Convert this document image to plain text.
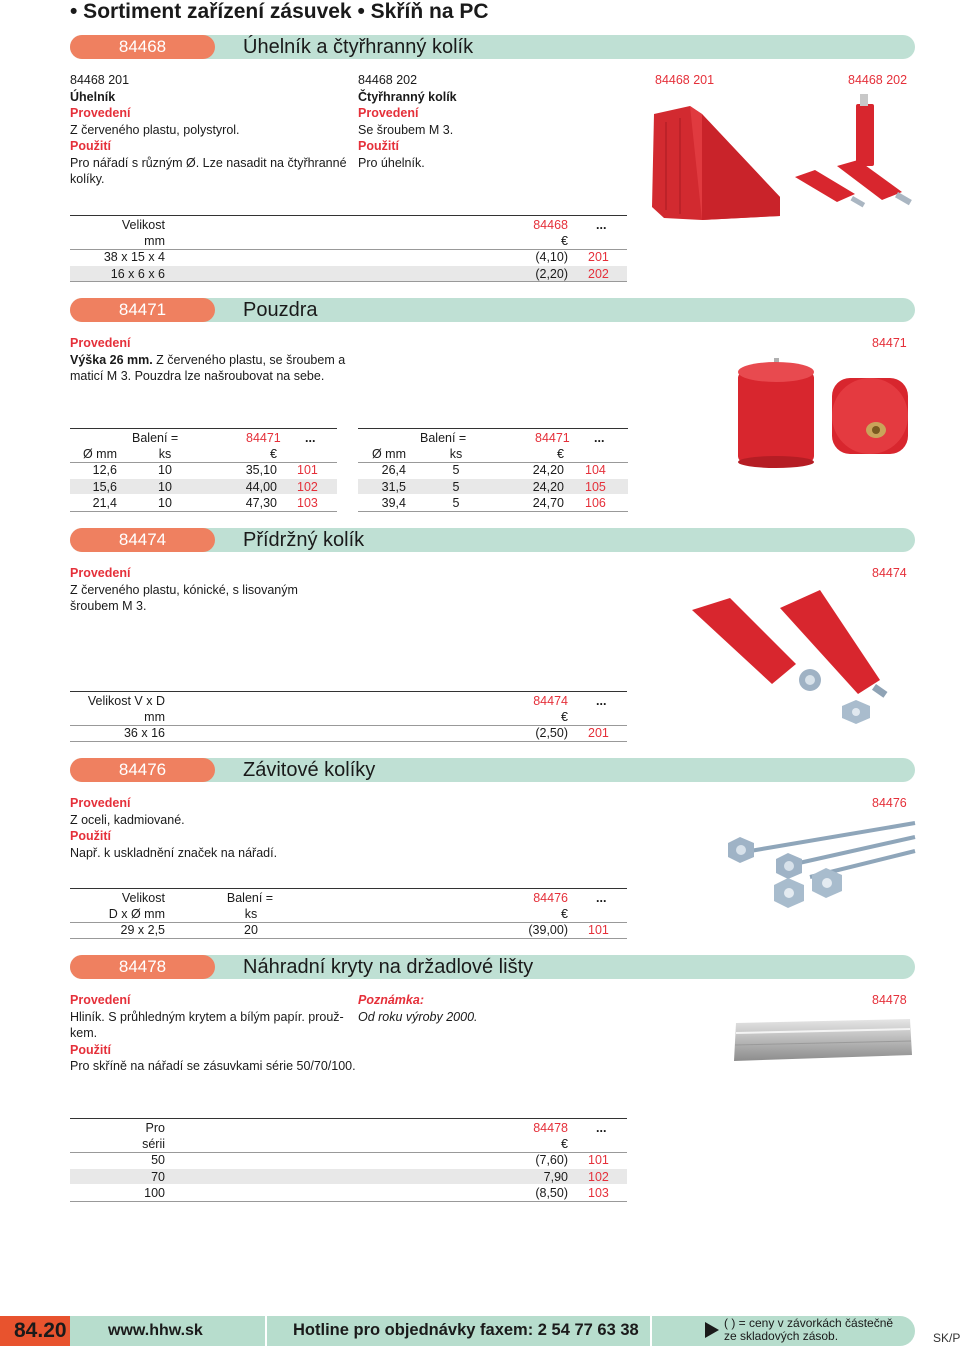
• Sortiment zařízení zásuvek • Skříň na PC
84468	Úhelník a čtyřhranný kolík
84468 201
Úhelník
Provedení
Z červeného plastu, polystyrol.
Použití
Pro nářadí s různým Ø. Lze nasadit na čtyřhranné
kolíky.
84468 202
Čtyřhranný kolík
Provedení
Se šroubem M 3.
Použití
Pro úhelník.
84468 201	84468 202
Velikost
mm
84468 ...
€
38 x 15 x 4	(4,10) 201
16 x 6 x 6	(2,20) 202
84471	Pouzdra
Provedení
Výška 26 mm. Z červeného plastu, se šroubem a
maticí M 3. Pouzdra lze našroubovat na sebe.
84471
Balení =	84471 ...
Ø mm	ks	€
12,6	10	35,10 101
15,6	10	44,00 102
21,4	10	47,30 103
Balení =	84471 ...
Ø mm	ks	€
26,4	5	24,20 104
31,5	5	24,20 105
39,4	5	24,70 106
84474	Přídržný kolík
Provedení
Z červeného plastu, kónické, s lisovaným
šroubem M 3.
84474
Velikost V x D
mm
84474 ...
€
36 x 16	(2,50) 201
84476	Závitové kolíky
Provedení
Z oceli, kadmiované.
Použití
Např. k uskladnění značek na nářadí.
84476
Velikost
D x Ø mm
Balení =
ks
84476 ...
€
29 x 2,5	20	(39,00) 101
84478	Náhradní kryty na držadlové lišty
Provedení
Hliník. S průhledným krytem a bílým papír. prouž-
kem.
Použití
Pro skříně na nářadí se zásuvkami série 50/70/100.
Poznámka:
Od roku výroby 2000.
84478
Pro
sérii
84478 ...
€
50	(7,60) 101
70	7,90 102
100	(8,50) 103
84.20	www.hhw.sk	Hotline pro objednávky faxem: 2 54 77 63 38	( ) = ceny v závorkách částečně
ze skladových zásob.	SK/P
